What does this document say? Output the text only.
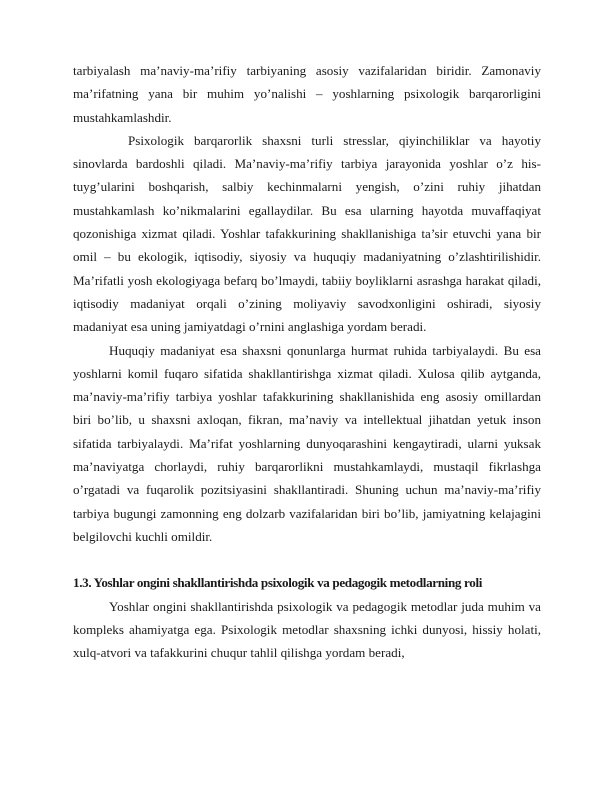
tarbiyalash ma’naviy-ma’rifiy tarbiyaning asosiy vazifalaridan biridir. Zamonaviy ma’rifatning yana bir muhim yo’nalishi – yoshlarning psixologik barqarorligini mustahkamlashdir.

Psixologik barqarorlik shaxsni turli stresslar, qiyinchiliklar va hayotiy sinovlarda bardoshli qiladi. Ma’naviy-ma’rifiy tarbiya jarayonida yoshlar o’z his-tuyg’ularini boshqarish, salbiy kechinmalarni yengish, o’zini ruhiy jihatdan mustahkamlash ko’nikmalarini egallaydilar. Bu esa ularning hayotda muvaffaqiyat qozonishiga xizmat qiladi. Yoshlar tafakkurining shakllanishiga ta’sir etuvchi yana bir omil – bu ekologik, iqtisodiy, siyosiy va huquqiy madaniyatning o’zlashtirilishidir. Ma’rifatli yosh ekologiyaga befarq bo’lmaydi, tabiiy boyliklarni asrashga harakat qiladi, iqtisodiy madaniyat orqali o’zining moliyaviy savodxonligini oshiradi, siyosiy madaniyat esa uning jamiyatdagi o’rnini anglashiga yordam beradi.

Huquqiy madaniyat esa shaxsni qonunlarga hurmat ruhida tarbiyalaydi. Bu esa yoshlarni komil fuqaro sifatida shakllantirishga xizmat qiladi. Xulosa qilib aytganda, ma’naviy-ma’rifiy tarbiya yoshlar tafakkurining shakllanishida eng asosiy omillardan biri bo’lib, u shaxsni axloqan, fikran, ma’naviy va intellektual jihatdan yetuk inson sifatida tarbiyalaydi. Ma’rifat yoshlarning dunyoqarashini kengaytiradi, ularni yuksak ma’naviyatga chorlaydi, ruhiy barqarorlikni mustahkamlaydi, mustaqil fikrlashga o’rgatadi va fuqarolik pozitsiyasini shakllantiradi. Shuning uchun ma’naviy-ma’rifiy tarbiya bugungi zamonning eng dolzarb vazifalaridan biri bo’lib, jamiyatning kelajagini belgilovchi kuchli omildir.

1.3. Yoshlar ongini shakllantirishda psixologik va pedagogik metodlarning roli

Yoshlar ongini shakllantirishda psixologik va pedagogik metodlar juda muhim va kompleks ahamiyatga ega. Psixologik metodlar shaxsning ichki dunyosi, hissiy holati, xulq-atvori va tafakkurini chuqur tahlil qilishga yordam beradi,
